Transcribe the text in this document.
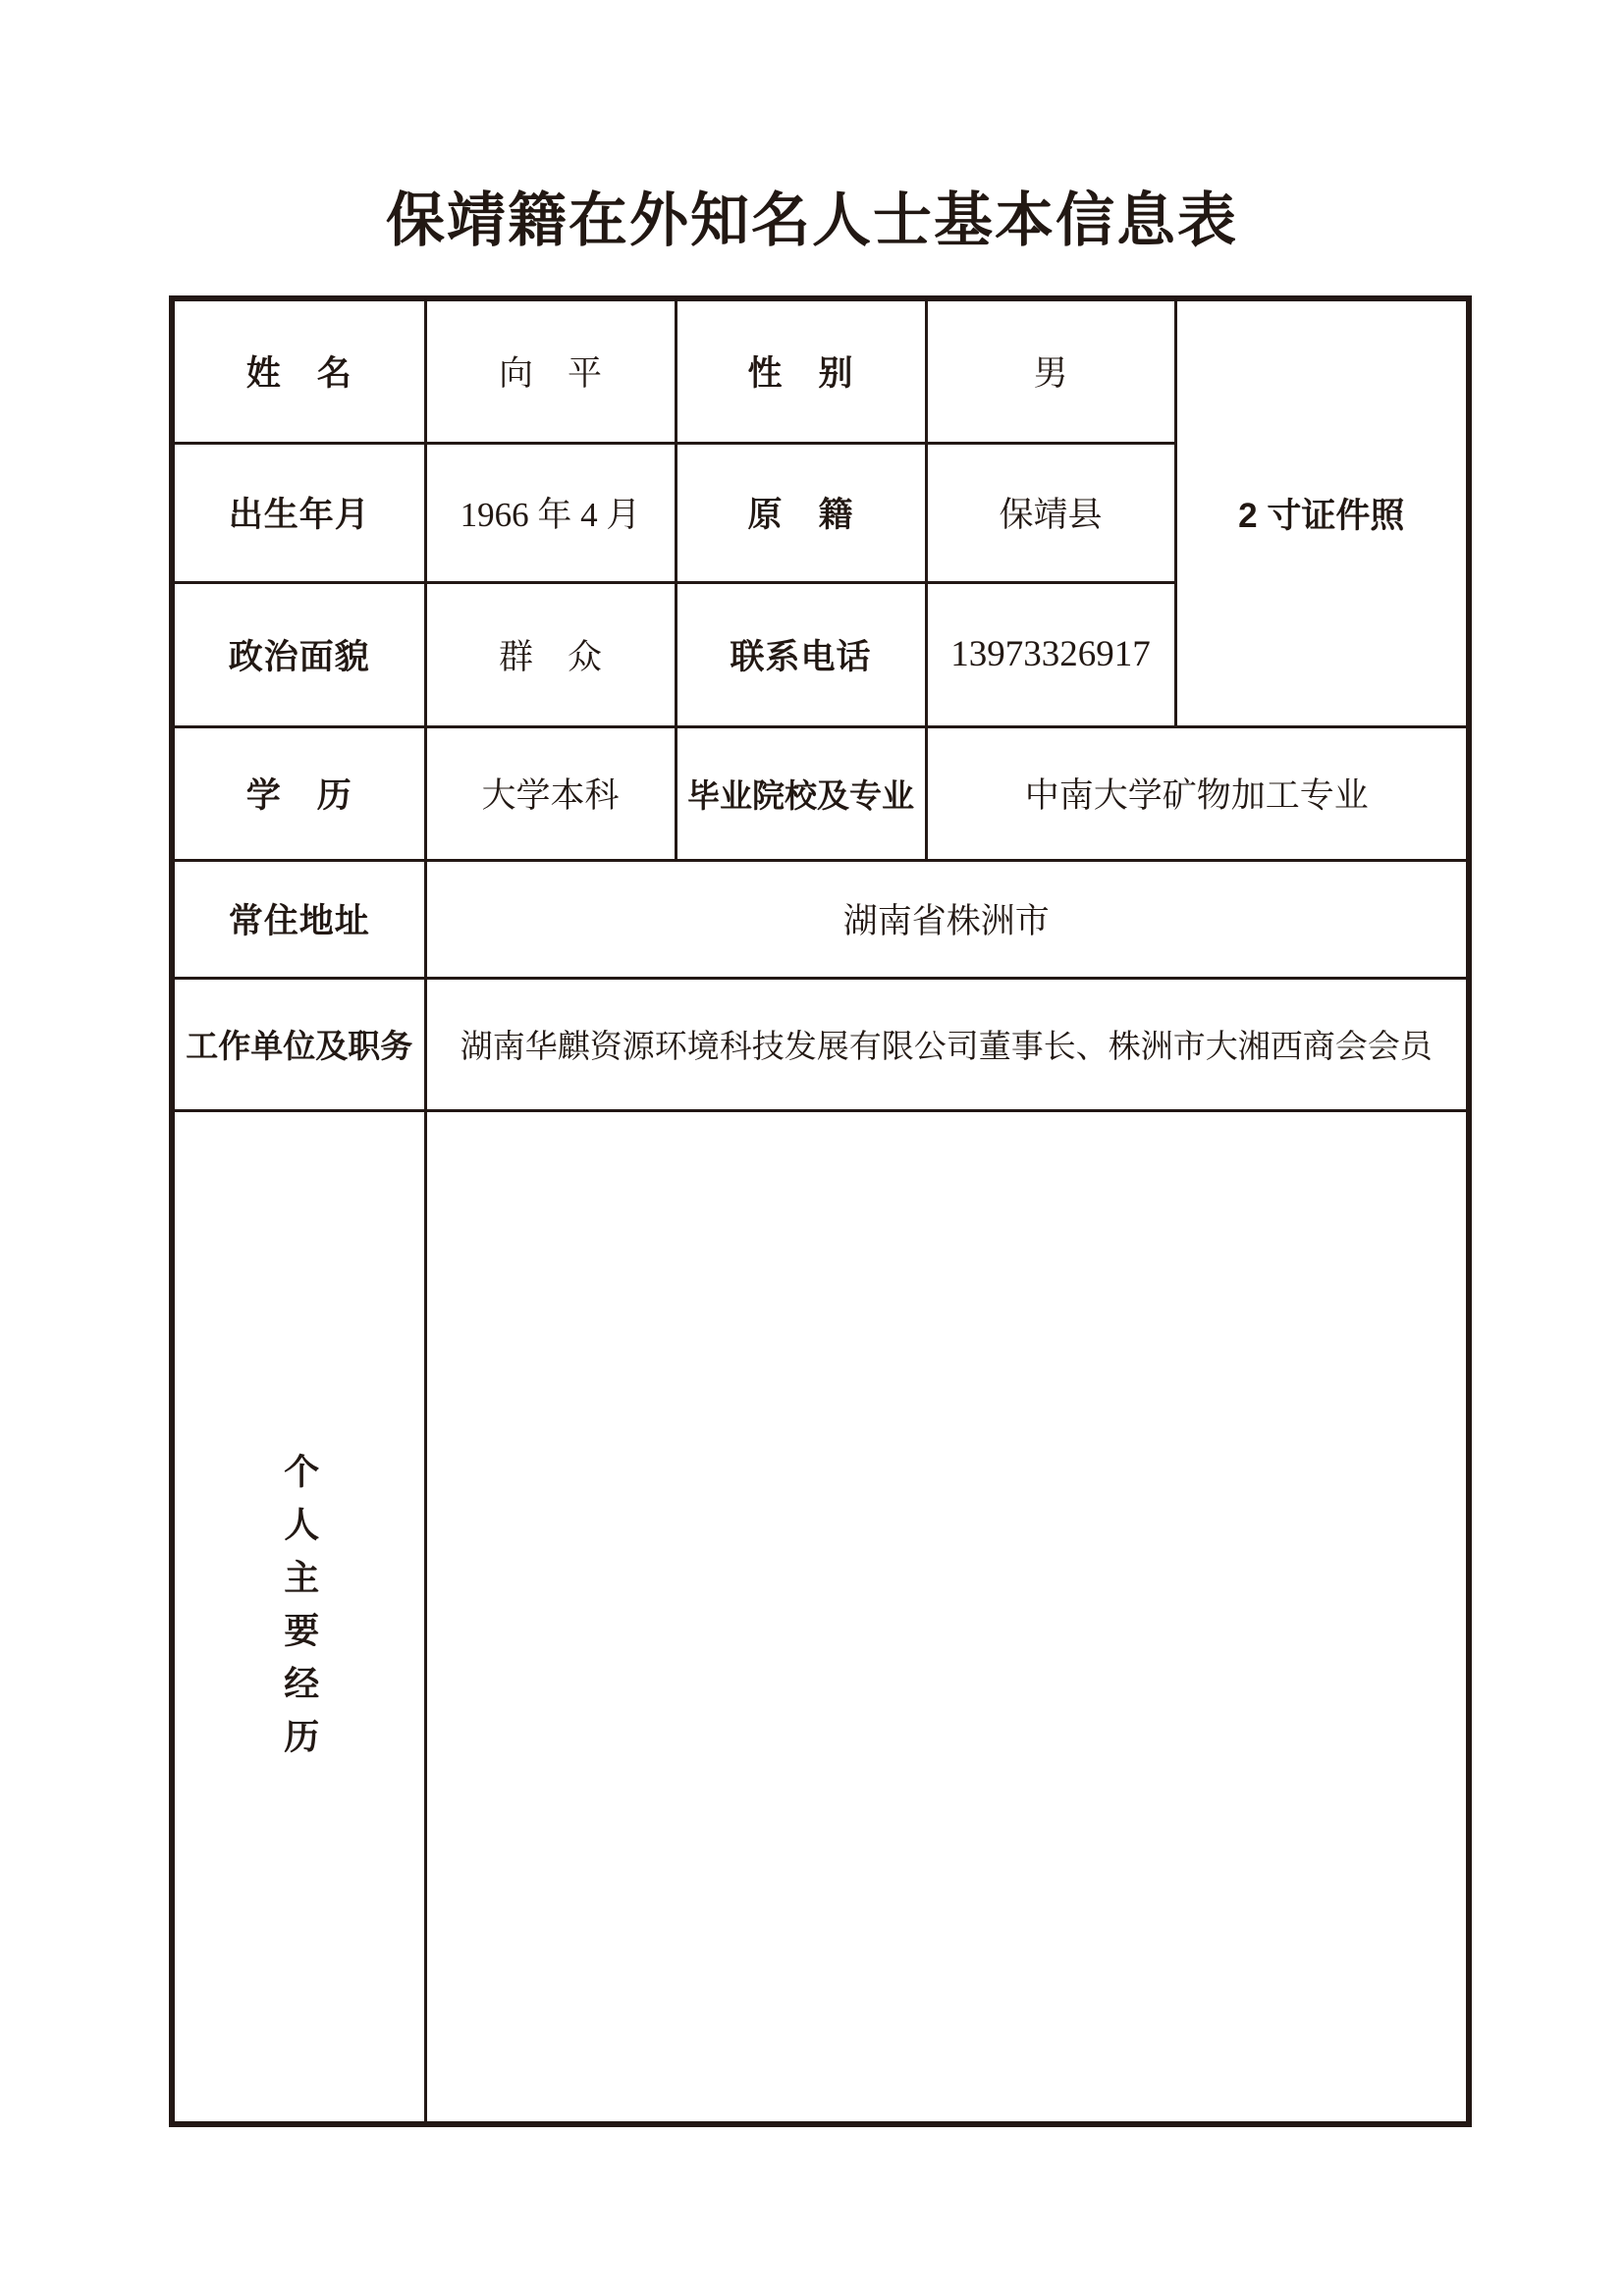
保靖籍在外知名人士基本信息表
姓　名	向　平	性　别	男	2 寸证件照
出生年月	1966 年 4 月	原　籍	保靖县	
政治面貌	群　众	联系电话	13973326917	
学　历	大学本科	毕业院校及专业	中南大学矿物加工专业	
常住地址	湖南省株洲市			
工作单位及职务	湖南华麒资源环境科技发展有限公司董事长、株洲市大湘西商会会员			
个人主要经历				
